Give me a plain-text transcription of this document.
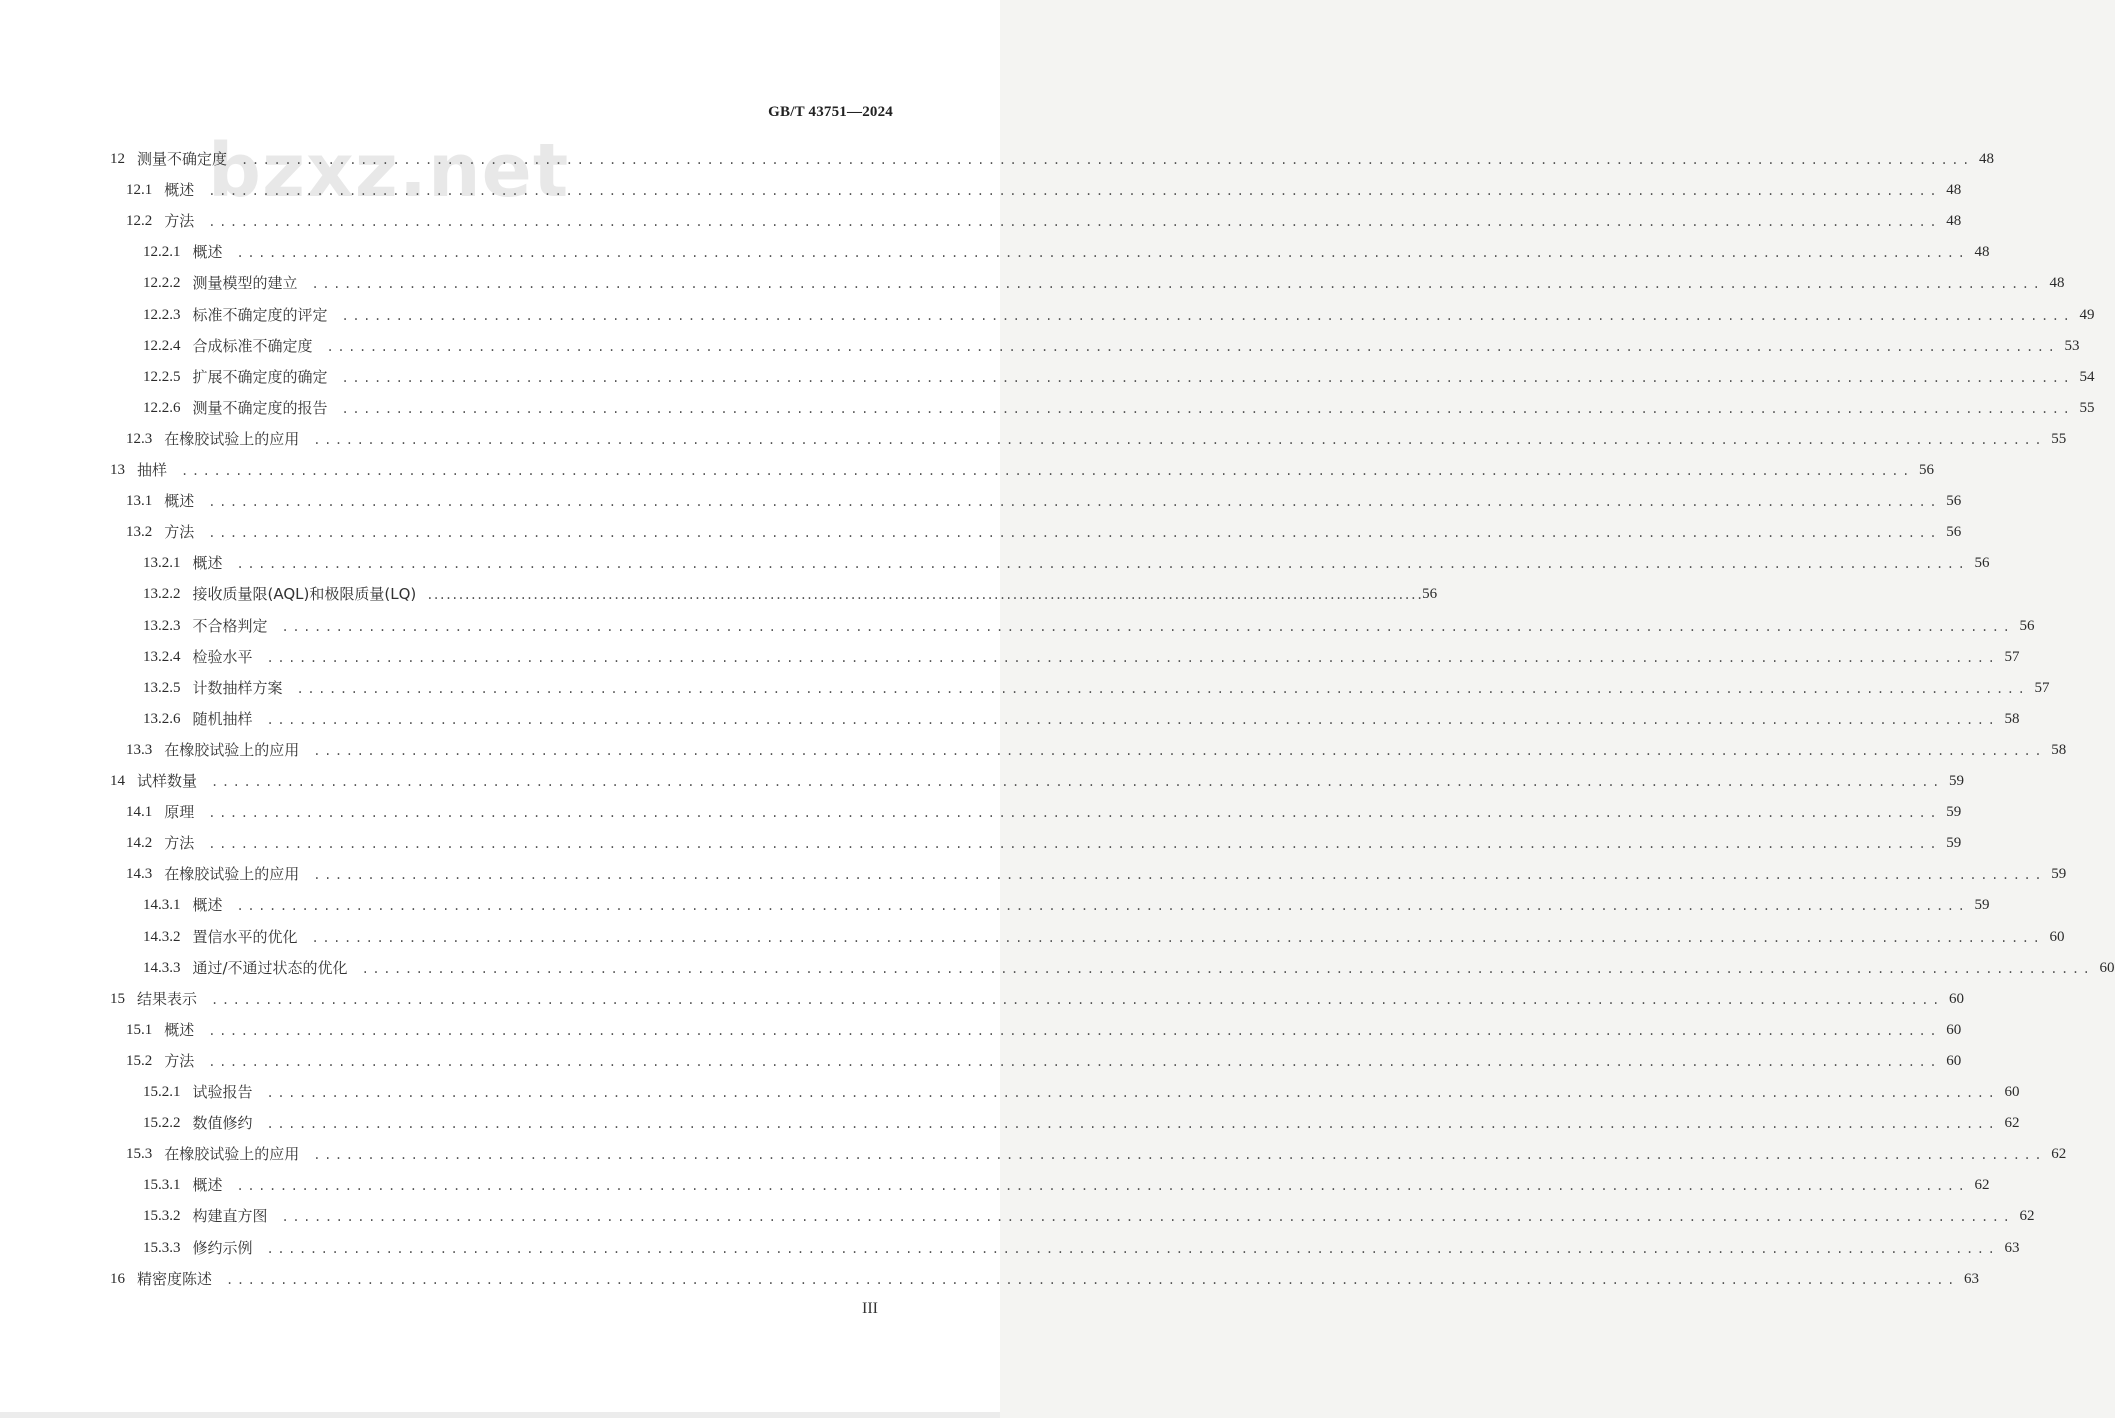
GB/T 43751—2024
bzxz.net
12 测量不确定度 ................................................................................................................................................................ 48
12.1 概述 ................................................................................................................................................................ 48
12.2 方法 ................................................................................................................................................................ 48
12.2.1 概述 ................................................................................................................................................................ 48
12.2.2 测量模型的建立 ................................................................................................................................................................ 48
12.2.3 标准不确定度的评定 ................................................................................................................................................................ 49
12.2.4 合成标准不确定度 ................................................................................................................................................................ 53
12.2.5 扩展不确定度的确定 ................................................................................................................................................................ 54
12.2.6 测量不确定度的报告 ................................................................................................................................................................ 55
12.3 在橡胶试验上的应用 ................................................................................................................................................................ 55
13 抽样 ................................................................................................................................................................ 56
13.1 概述 ................................................................................................................................................................ 56
13.2 方法 ................................................................................................................................................................ 56
13.2.1 概述 ................................................................................................................................................................ 56
13.2.2 接收质量限(AQL)和极限质量(LQ) ................................................................................................................................................................ 56
13.2.3 不合格判定 ................................................................................................................................................................ 56
13.2.4 检验水平 ................................................................................................................................................................ 57
13.2.5 计数抽样方案 ................................................................................................................................................................ 57
13.2.6 随机抽样 ................................................................................................................................................................ 58
13.3 在橡胶试验上的应用 ................................................................................................................................................................ 58
14 试样数量 ................................................................................................................................................................ 59
14.1 原理 ................................................................................................................................................................ 59
14.2 方法 ................................................................................................................................................................ 59
14.3 在橡胶试验上的应用 ................................................................................................................................................................ 59
14.3.1 概述 ................................................................................................................................................................ 59
14.3.2 置信水平的优化 ................................................................................................................................................................ 60
14.3.3 通过/不通过状态的优化 ................................................................................................................................................................ 60
15 结果表示 ................................................................................................................................................................ 60
15.1 概述 ................................................................................................................................................................ 60
15.2 方法 ................................................................................................................................................................ 60
15.2.1 试验报告 ................................................................................................................................................................ 60
15.2.2 数值修约 ................................................................................................................................................................ 62
15.3 在橡胶试验上的应用 ................................................................................................................................................................ 62
15.3.1 概述 ................................................................................................................................................................ 62
15.3.2 构建直方图 ................................................................................................................................................................ 62
15.3.3 修约示例 ................................................................................................................................................................ 63
16 精密度陈述 ................................................................................................................................................................ 63
III
